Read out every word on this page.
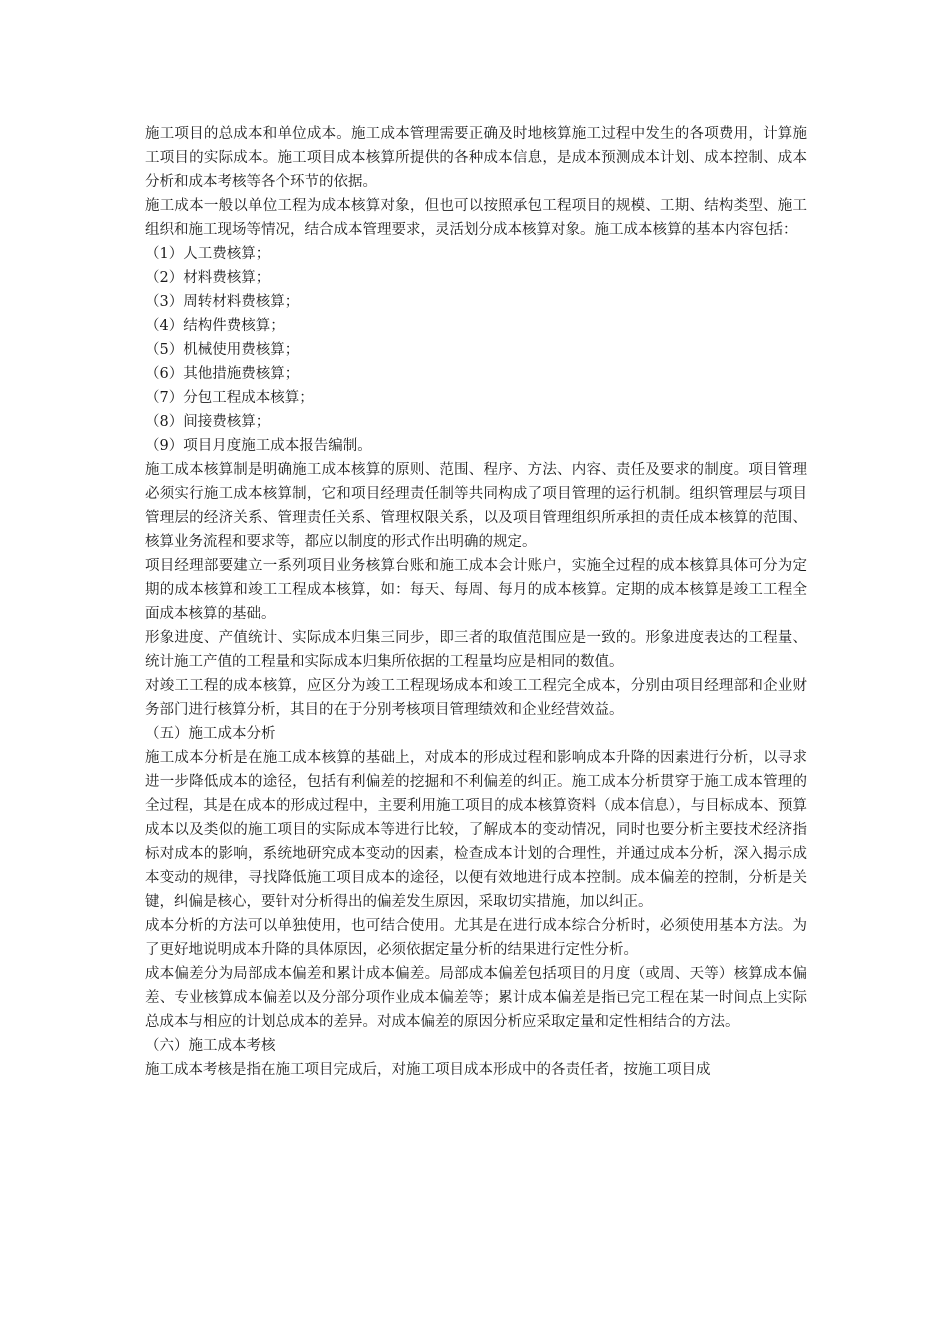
施工项目的总成本和单位成本。施工成本管理需要正确及时地核算施工过程中发生的各项费用，计算施工项目的实际成本。施工项目成本核算所提供的各种成本信息，是成本预测成本计划、成本控制、成本分析和成本考核等各个环节的依据。

施工成本一般以单位工程为成本核算对象，但也可以按照承包工程项目的规模、工期、结构类型、施工组织和施工现场等情况，结合成本管理要求，灵活划分成本核算对象。施工成本核算的基本内容包括：

（1）人工费核算；

（2）材料费核算；

（3）周转材料费核算；

（4）结构件费核算；

（5）机械使用费核算；

（6）其他措施费核算；

（7）分包工程成本核算；

（8）间接费核算；

（9）项目月度施工成本报告编制。

施工成本核算制是明确施工成本核算的原则、范围、程序、方法、内容、责任及要求的制度。项目管理必须实行施工成本核算制，它和项目经理责任制等共同构成了项目管理的运行机制。组织管理层与项目管理层的经济关系、管理责任关系、管理权限关系，以及项目管理组织所承担的责任成本核算的范围、核算业务流程和要求等，都应以制度的形式作出明确的规定。

项目经理部要建立一系列项目业务核算台账和施工成本会计账户，实施全过程的成本核算具体可分为定期的成本核算和竣工工程成本核算，如：每天、每周、每月的成本核算。定期的成本核算是竣工工程全面成本核算的基础。

形象进度、产值统计、实际成本归集三同步，即三者的取值范围应是一致的。形象进度表达的工程量、统计施工产值的工程量和实际成本归集所依据的工程量均应是相同的数值。

对竣工工程的成本核算，应区分为竣工工程现场成本和竣工工程完全成本，分别由项目经理部和企业财务部门进行核算分析，其目的在于分别考核项目管理绩效和企业经营效益。

（五）施工成本分析

施工成本分析是在施工成本核算的基础上，对成本的形成过程和影响成本升降的因素进行分析，以寻求进一步降低成本的途径，包括有利偏差的挖掘和不利偏差的纠正。施工成本分析贯穿于施工成本管理的全过程，其是在成本的形成过程中，主要利用施工项目的成本核算资料（成本信息），与目标成本、预算成本以及类似的施工项目的实际成本等进行比较，了解成本的变动情况，同时也要分析主要技术经济指标对成本的影响，系统地研究成本变动的因素，检查成本计划的合理性，并通过成本分析，深入揭示成本变动的规律，寻找降低施工项目成本的途径，以便有效地进行成本控制。成本偏差的控制，分析是关键，纠偏是核心，要针对分析得出的偏差发生原因，采取切实措施，加以纠正。

成本分析的方法可以单独使用，也可结合使用。尤其是在进行成本综合分析时，必须使用基本方法。为了更好地说明成本升降的具体原因，必须依据定量分析的结果进行定性分析。

成本偏差分为局部成本偏差和累计成本偏差。局部成本偏差包括项目的月度（或周、天等）核算成本偏差、专业核算成本偏差以及分部分项作业成本偏差等；累计成本偏差是指已完工程在某一时间点上实际总成本与相应的计划总成本的差异。对成本偏差的原因分析应采取定量和定性相结合的方法。

（六）施工成本考核

施工成本考核是指在施工项目完成后，对施工项目成本形成中的各责任者，按施工项目成
